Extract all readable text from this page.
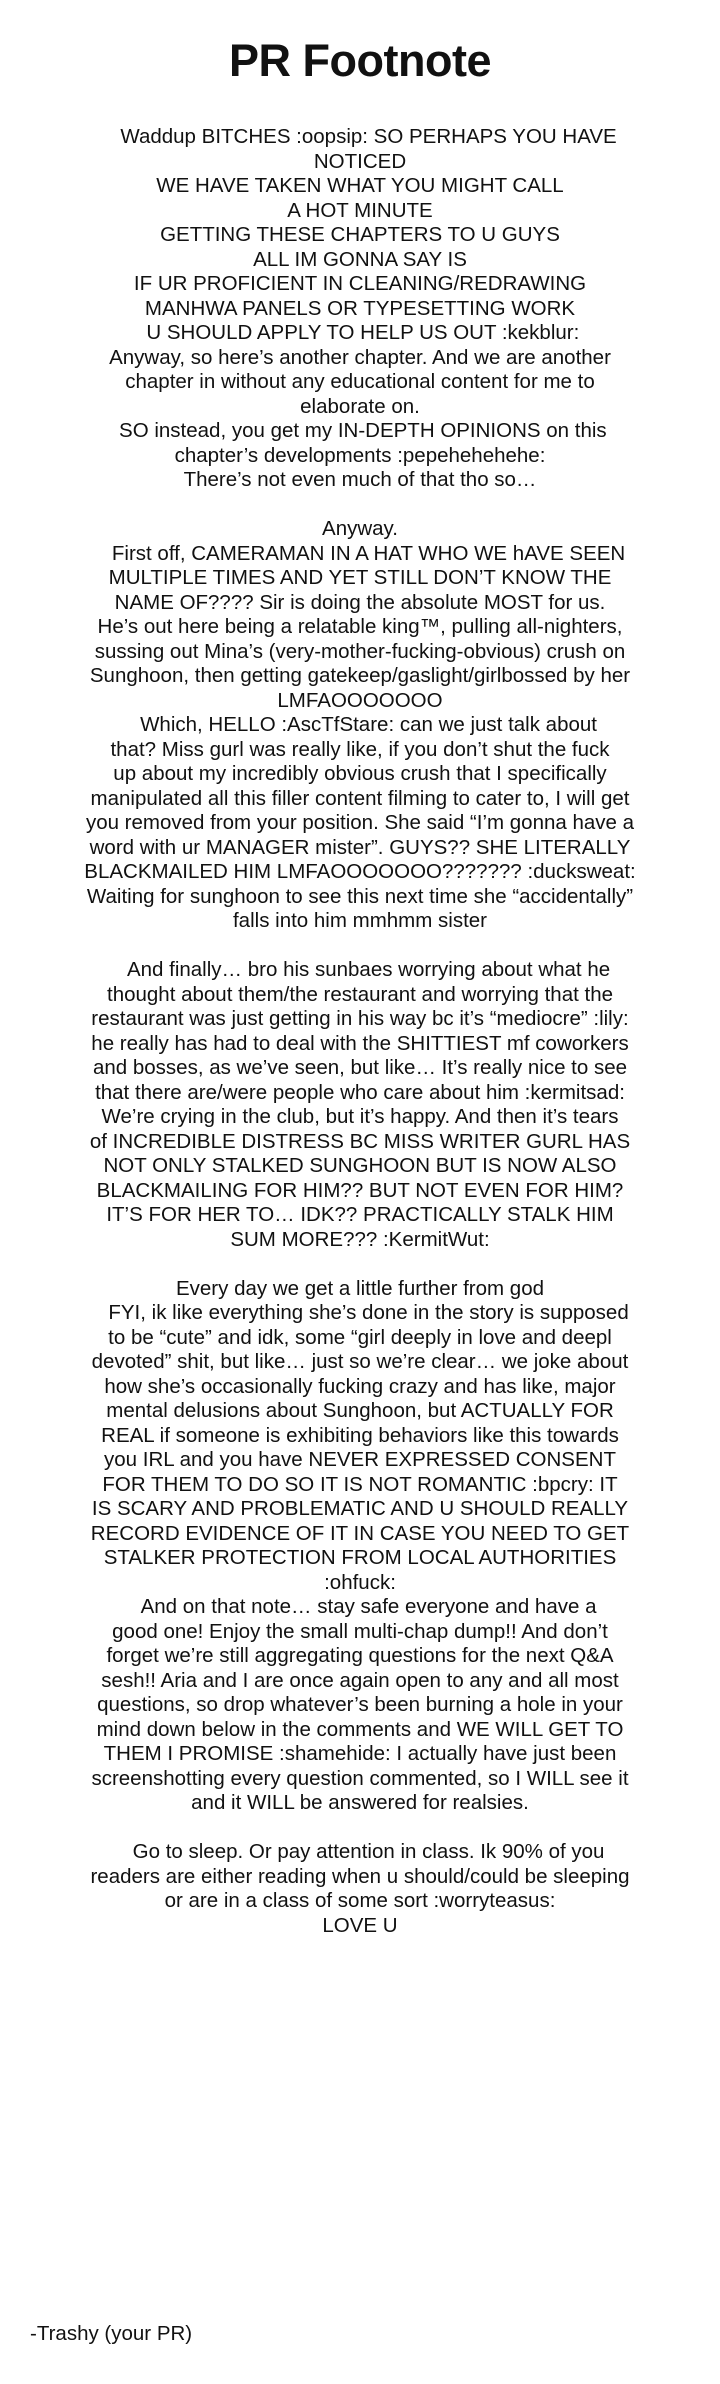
PR Footnote
Waddup BITCHES :oopsip: SO PERHAPS YOU HAVE
NOTICED
WE HAVE TAKEN WHAT YOU MIGHT CALL
A HOT MINUTE
GETTING THESE CHAPTERS TO U GUYS
ALL IM GONNA SAY IS
IF UR PROFICIENT IN CLEANING/REDRAWING
MANHWA PANELS OR TYPESETTING WORK
U SHOULD APPLY TO HELP US OUT :kekblur:
Anyway, so here’s another chapter. And we are another
chapter in without any educational content for me to
elaborate on.
SO instead, you get my IN-DEPTH OPINIONS on this
chapter’s developments :pepehehehehe:
There’s not even much of that tho so…
Anyway.
First off, CAMERAMAN IN A HAT WHO WE hAVE SEEN
MULTIPLE TIMES AND YET STILL DON’T KNOW THE
NAME OF???? Sir is doing the absolute MOST for us.
He’s out here being a relatable king™, pulling all-nighters,
sussing out Mina’s (very-mother-fucking-obvious) crush on
Sunghoon, then getting gatekeep/gaslight/girlbossed by her
LMFAOOOOOOO
Which, HELLO :AscTfStare: can we just talk about
that? Miss gurl was really like, if you don’t shut the fuck
up about my incredibly obvious crush that I specifically
manipulated all this filler content filming to cater to, I will get
you removed from your position. She said “I’m gonna have a
word with ur MANAGER mister”. GUYS?? SHE LITERALLY
BLACKMAILED HIM LMFAOOOOOOO??????? :ducksweat:
Waiting for sunghoon to see this next time she “accidentally”
falls into him mmhmm sister
And finally… bro his sunbaes worrying about what he
thought about them/the restaurant and worrying that the
restaurant was just getting in his way bc it’s “mediocre” :lily:
he really has had to deal with the SHITTIEST mf coworkers
and bosses, as we’ve seen, but like… It’s really nice to see
that there are/were people who care about him :kermitsad:
We’re crying in the club, but it’s happy. And then it’s tears
of INCREDIBLE DISTRESS BC MISS WRITER GURL HAS
NOT ONLY STALKED SUNGHOON BUT IS NOW ALSO
BLACKMAILING FOR HIM?? BUT NOT EVEN FOR HIM?
IT’S FOR HER TO… IDK?? PRACTICALLY STALK HIM
SUM MORE??? :KermitWut:
Every day we get a little further from god
FYI, ik like everything she’s done in the story is supposed
to be “cute” and idk, some “girl deeply in love and deepl
devoted” shit, but like… just so we’re clear… we joke about
how she’s occasionally fucking crazy and has like, major
mental delusions about Sunghoon, but ACTUALLY FOR
REAL if someone is exhibiting behaviors like this towards
you IRL and you have NEVER EXPRESSED CONSENT
FOR THEM TO DO SO IT IS NOT ROMANTIC :bpcry: IT
IS SCARY AND PROBLEMATIC AND U SHOULD REALLY
RECORD EVIDENCE OF IT IN CASE YOU NEED TO GET
STALKER PROTECTION FROM LOCAL AUTHORITIES
:ohfuck:
And on that note… stay safe everyone and have a
good one! Enjoy the small multi-chap dump!! And don’t
forget we’re still aggregating questions for the next Q&A
sesh!! Aria and I are once again open to any and all most
questions, so drop whatever’s been burning a hole in your
mind down below in the comments and WE WILL GET TO
THEM I PROMISE :shamehide: I actually have just been
screenshotting every question commented, so I WILL see it
and it WILL be answered for realsies.
Go to sleep. Or pay attention in class. Ik 90% of you
readers are either reading when u should/could be sleeping
or are in a class of some sort :worryteasus:
LOVE U
-Trashy (your PR)
